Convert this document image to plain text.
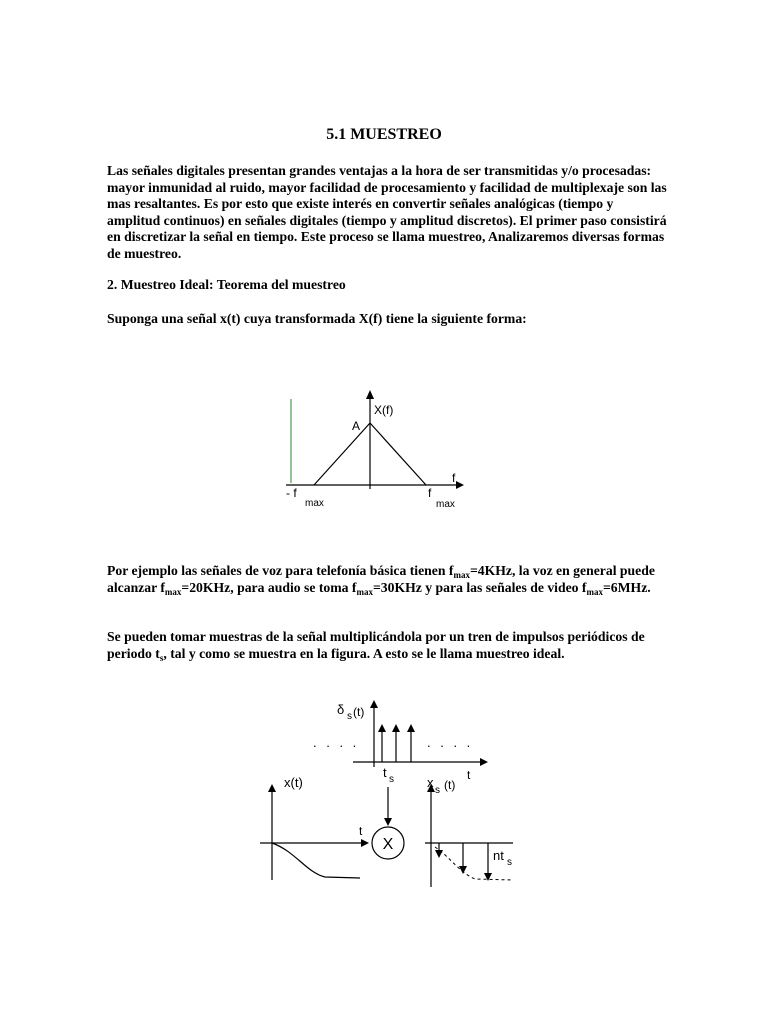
5.1 MUESTREO
Las señales digitales presentan grandes ventajas a la hora de ser transmitidas y/o procesadas: mayor inmunidad al ruido, mayor facilidad de procesamiento y facilidad de multiplexaje son las mas resaltantes. Es por esto que existe interés en convertir señales analógicas (tiempo y amplitud continuos) en señales digitales (tiempo y amplitud discretos). El primer paso consistirá en discretizar la señal en tiempo. Este proceso se llama muestreo, Analizaremos diversas formas de muestreo.
2. Muestreo Ideal: Teorema del muestreo
Suponga una señal x(t) cuya transformada X(f) tiene la siguiente forma:
X(f)
A
f
- f
max
f
max
Por ejemplo las señales de voz para telefonía básica tienen $f_{max}=4KHz$, la voz en general puede alcanzar $f_{max}=20KHz$, para audio se toma $f_{max}=30KHz$ y para las señales de video $f_{max}=6MHz$.
Se pueden tomar muestras de la señal multiplicándola por un tren de impulsos periódicos de periodo $t_s$, tal y como se muestra en la figura. A esto se le llama muestreo ideal.
δ s (t)
. . . .	. . . .
t
t s
x(t)
t
X
x
s (t)
nt s
